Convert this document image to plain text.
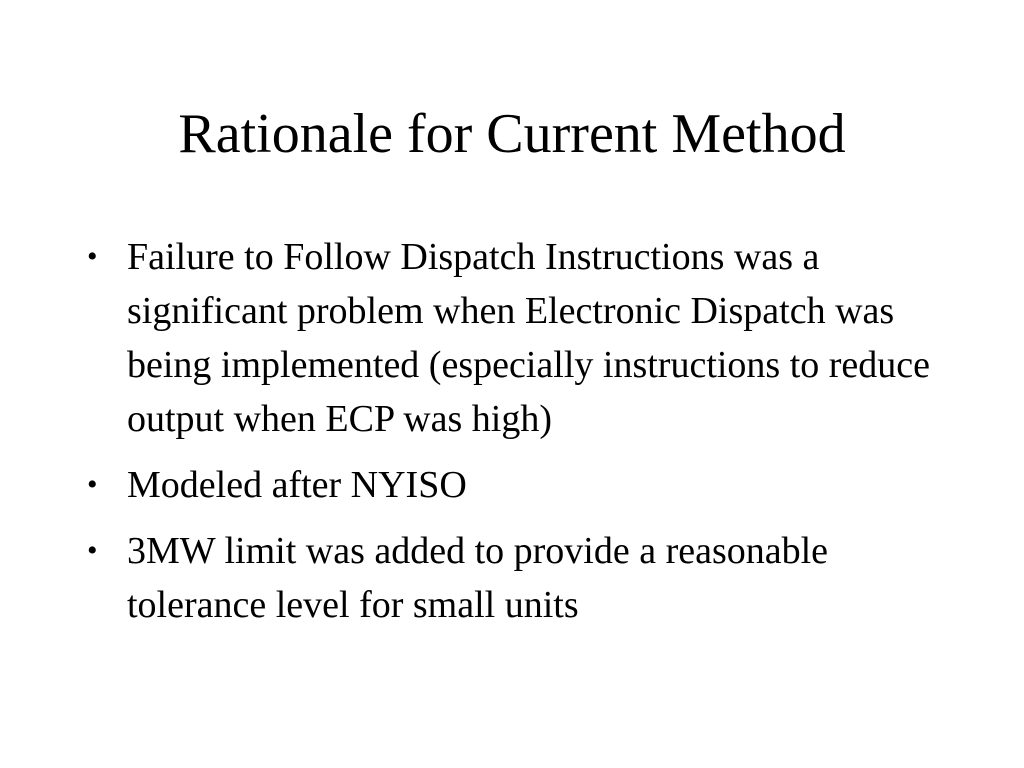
Rationale for Current Method
• Failure to Follow Dispatch Instructions was a significant problem when Electronic Dispatch was being implemented (especially instructions to reduce output when ECP was high)
• Modeled after NYISO
• 3MW limit was added to provide a reasonable tolerance level for small units
